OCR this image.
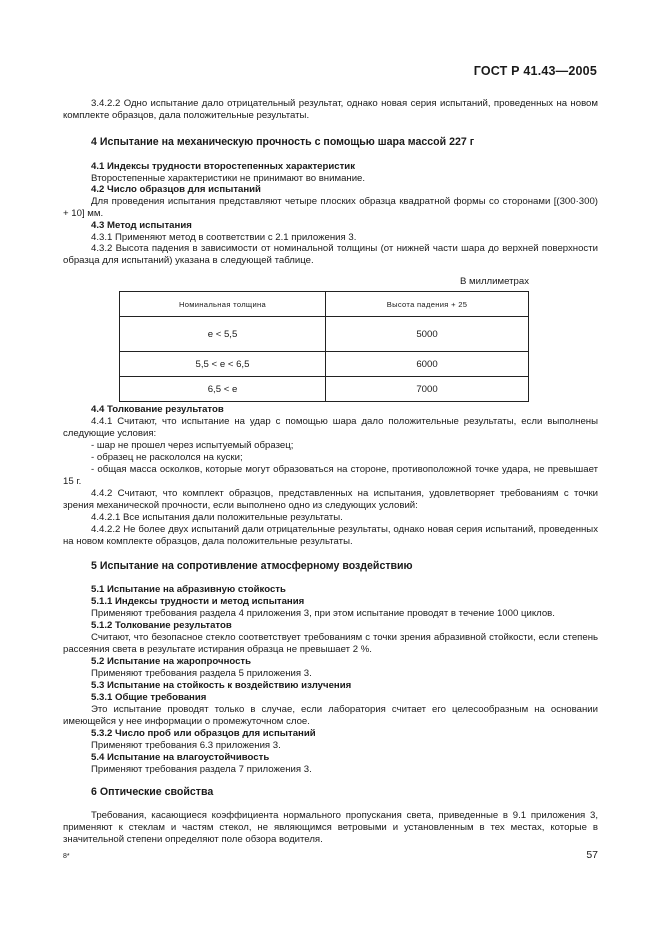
ГОСТ Р 41.43—2005
3.4.2.2 Одно испытание дало отрицательный результат, однако новая серия испытаний, проведенных на новом комплекте образцов, дала положительные результаты.
4 Испытание на механическую прочность с помощью шара массой 227 г
4.1 Индексы трудности второстепенных характеристик
Второстепенные характеристики не принимают во внимание.
4.2 Число образцов для испытаний
Для проведения испытания представляют четыре плоских образца квадратной формы со сторонами [(300·300) + 10] мм.
4.3 Метод испытания
4.3.1 Применяют метод в соответствии с 2.1 приложения 3.
4.3.2 Высота падения в зависимости от номинальной толщины (от нижней части шара до верхней поверхности образца для испытаний) указана в следующей таблице.
В миллиметрах
Номинальная толщина	Высота падения + 25
е < 5,5	5000
5,5 < е < 6,5	6000
6,5 < е	7000
4.4 Толкование результатов
4.4.1 Считают, что испытание на удар с помощью шара дало положительные результаты, если выполнены следующие условия:
- шар не прошел через испытуемый образец;
- образец не раскололся на куски;
- общая масса осколков, которые могут образоваться на стороне, противоположной точке удара, не превышает 15 г.
4.4.2 Считают, что комплект образцов, представленных на испытания, удовлетворяет требованиям с точки зрения механической прочности, если выполнено одно из следующих условий:
4.4.2.1 Все испытания дали положительные результаты.
4.4.2.2 Не более двух испытаний дали отрицательные результаты, однако новая серия испытаний, проведенных на новом комплекте образцов, дала положительные результаты.
5 Испытание на сопротивление атмосферному воздействию
5.1 Испытание на абразивную стойкость
5.1.1 Индексы трудности и метод испытания
Применяют требования раздела 4 приложения 3, при этом испытание проводят в течение 1000 циклов.
5.1.2 Толкование результатов
Считают, что безопасное стекло соответствует требованиям с точки зрения абразивной стойкости, если степень рассеяния света в результате истирания образца не превышает 2 %.
5.2 Испытание на жаропрочность
Применяют требования раздела 5 приложения 3.
5.3 Испытание на стойкость к воздействию излучения
5.3.1 Общие требования
Это испытание проводят только в случае, если лаборатория считает его целесообразным на основании имеющейся у нее информации о промежуточном слое.
5.3.2 Число проб или образцов для испытаний
Применяют требования 6.3 приложения 3.
5.4 Испытание на влагоустойчивость
Применяют требования раздела 7 приложения 3.
6 Оптические свойства
Требования, касающиеся коэффициента нормального пропускания света, приведенные в 9.1 приложения 3, применяют к стеклам и частям стекол, не являющимся ветровыми и установленным в тех местах, которые в значительной степени определяют поле обзора водителя.
8*	57
